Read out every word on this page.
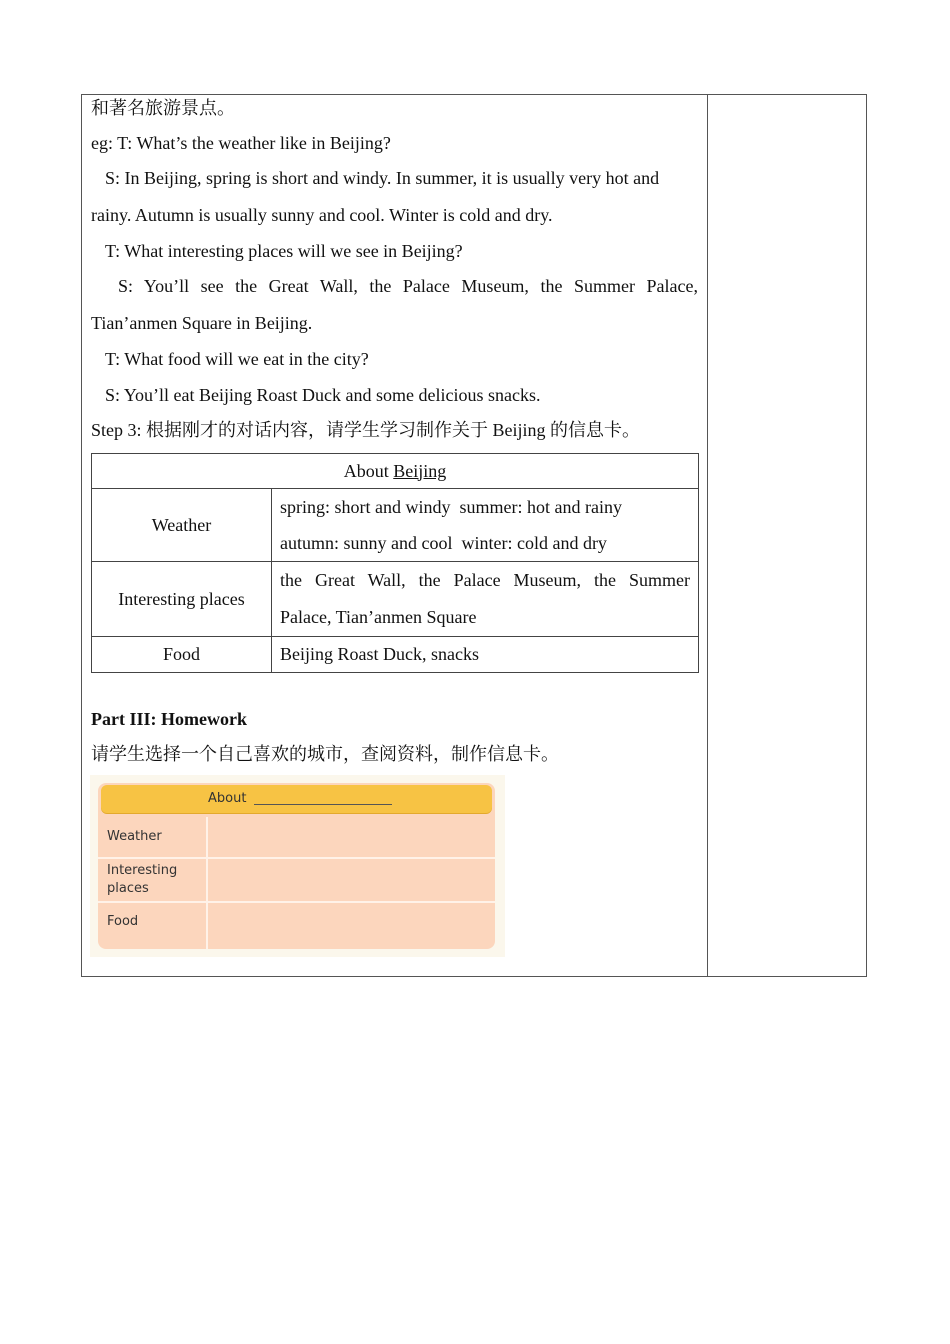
和著名旅游景点。
eg: T: What’s the weather like in Beijing?
S: In Beijing, spring is short and windy. In summer, it is usually very hot and
rainy. Autumn is usually sunny and cool. Winter is cold and dry.
T: What interesting places will we see in Beijing?
S: You’ll see the Great Wall, the Palace Museum, the Summer Palace,
Tian’anmen Square in Beijing.
T: What food will we eat in the city?
S: You’ll eat Beijing Roast Duck and some delicious snacks.
Step 3: 根据刚才的对话内容，请学生学习制作关于 Beijing 的信息卡。
About Beijing	
Weather	spring: short and windy  summer: hot and rainy
autumn: sunny and cool  winter: cold and dry

Interesting places	the Great Wall, the Palace Museum, the Summer
Palace, Tian’anmen Square

Food	Beijing Roast Duck, snacks
Part III: Homework
请学生选择一个自己喜欢的城市，查阅资料，制作信息卡。
About
Weather
Interesting
places
Food
